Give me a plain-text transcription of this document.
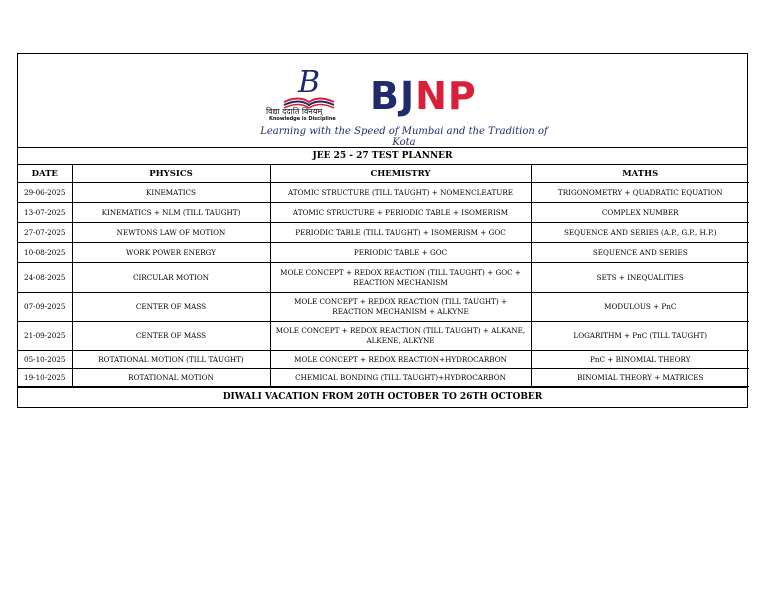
B
विद्या ददाति विनयम्
Knowledge is Discipline
BJNP
Learning with the Speed of Mumbai and the Tradition of Kota
JEE 25 - 27 TEST PLANNER
DATE	PHYSICS	CHEMISTRY	MATHS
29-06-2025	KINEMATICS	ATOMIC STRUCTURE (TILL TAUGHT) + NOMENCLEATURE	TRIGONOMETRY + QUADRATIC EQUATION
13-07-2025	KINEMATICS + NLM (TILL TAUGHT)	ATOMIC STRUCTURE + PERIODIC TABLE + ISOMERISM	COMPLEX NUMBER
27-07-2025	NEWTONS LAW OF MOTION	PERIODIC TABLE (TILL TAUGHT) + ISOMERISM + GOC	SEQUENCE AND SERIES (A.P., G.P., H.P.)
10-08-2025	WORK POWER ENERGY	PERIODIC TABLE + GOC	SEQUENCE AND SERIES
24-08-2025	CIRCULAR MOTION	MOLE CONCEPT + REDOX REACTION (TILL TAUGHT) + GOC + REACTION MECHANISM	SETS + INEQUALITIES
07-09-2025	CENTER OF MASS	MOLE CONCEPT + REDOX REACTION (TILL TAUGHT) + REACTION MECHANISM + ALKYNE	MODULOUS + PnC
21-09-2025	CENTER OF MASS	MOLE CONCEPT + REDOX REACTION (TILL TAUGHT) + ALKANE, ALKENE, ALKYNE	LOGARITHM + PnC (TILL TAUGHT)
05-10-2025	ROTATIONAL MOTION (TILL TAUGHT)	MOLE CONCEPT + REDOX REACTION+HYDROCARBON	PnC + BINOMIAL THEORY
19-10-2025	ROTATIONAL MOTION	CHEMICAL BONDING (TILL TAUGHT)+HYDROCARBON	BINOMIAL THEORY + MATRICES
DIWALI VACATION FROM 20TH OCTOBER TO 26TH OCTOBER
